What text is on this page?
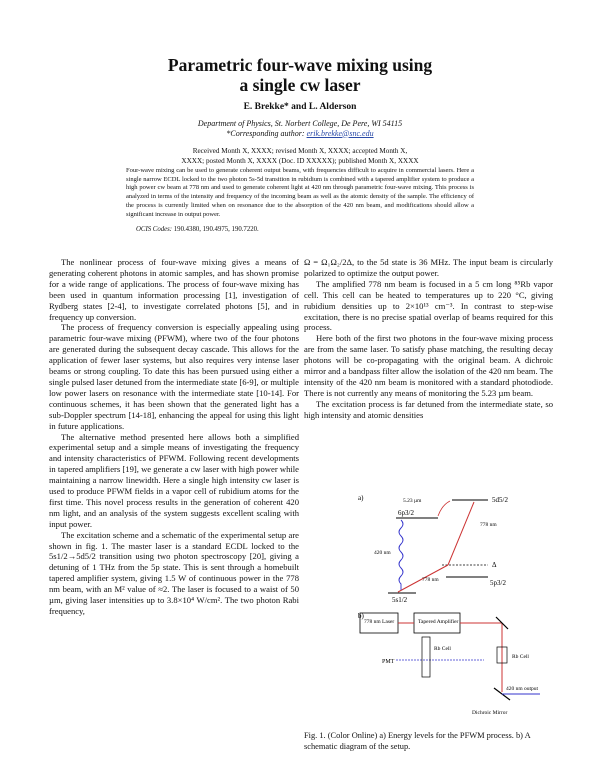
Parametric four-wave mixing using
a single cw laser
E. Brekke* and L. Alderson
Department of Physics, St. Norbert College, De Pere, WI 54115
*Corresponding author: erik.brekke@snc.edu
Received Month X, XXXX; revised Month X, XXXX; accepted Month X,
XXXX; posted Month X, XXXX (Doc. ID XXXXX); published Month X, XXXX
Four-wave mixing can be used to generate coherent output beams, with frequencies difficult to acquire in commercial lasers. Here a single narrow ECDL locked to the two photon 5s-5d transition in rubidium is combined with a tapered amplifier system to produce a high power cw beam at 778 nm and used to generate coherent light at 420 nm through parametric four-wave mixing. This process is analyzed in terms of the intensity and frequency of the incoming beam as well as the atomic density of the sample. The efficiency of the process is currently limited when on resonance due to the absorption of the 420 nm beam, and modifications should allow a significant increase in output power.
OCIS Codes: 190.4380, 190.4975, 190.7220.

The nonlinear process of four-wave mixing gives a means of generating coherent photons in atomic samples, and has shown promise for a wide range of applications. The process of four-wave mixing has been used in quantum information processing [1], investigation of Rydberg states [2-4], to investigate correlated photons [5], and in frequency up conversion.

The process of frequency conversion is especially appealing using parametric four-wave mixing (PFWM), where two of the four photons are generated during the subsequent decay cascade. This allows for the application of fewer laser systems, but also requires very intense laser beams or strong coupling. To date this has been pursued using either a single pulsed laser detuned from the intermediate state [6-9], or multiple low power lasers on resonance with the intermediate state [10-14]. For continuous schemes, it has been shown that the generated light has a sub-Doppler spectrum [14-18], enhancing the appeal for using this light in future applications.

The alternative method presented here allows both a simplified experimental setup and a simple means of investigating the frequency and intensity characteristics of PFWM. Following recent developments in tapered amplifiers [19], we generate a cw laser with high power while maintaining a narrow linewidth. Here a single high intensity cw laser is used to produce PFWM fields in a vapor cell of rubidium atoms for the first time. This novel process results in the generation of coherent 420 nm light, and an analysis of the system suggests excellent scaling with input power.

The excitation scheme and a schematic of the experimental setup are shown in fig. 1. The master laser is a standard ECDL locked to the 5s1/2→5d5/2 transition using two photon spectroscopy [20], giving a detuning of 1 THz from the 5p state. This is sent through a homebuilt tapered amplifier system, giving 1.5 W of continuous power in the 778 nm beam, with an M² value of ≈2. The laser is focused to a waist of 50 µm, giving laser intensities up to 3.8×10⁴ W/cm². The two photon Rabi frequency,

Ω = Ω₁Ω₂/2Δ, to the 5d state is 36 MHz. The input beam is circularly polarized to optimize the output power.

The amplified 778 nm beam is focused in a 5 cm long ⁸⁵Rb vapor cell. This cell can be heated to temperatures up to 220 °C, giving rubidium densities up to 2×10¹³ cm⁻³. In contrast to step-wise excitation, there is no precise spatial overlap of beams required for this process.

Here both of the first two photons in the four-wave mixing process are from the same laser. To satisfy phase matching, the resulting decay photons will be co-propagating with the original beam. A dichroic mirror and a bandpass filter allow the isolation of the 420 nm beam. The intensity of the 420 nm beam is monitored with a standard photodiode. There is not currently any means of monitoring the 5.23 µm beam.

The excitation process is far detuned from the intermediate state, so high intensity and atomic densities

a)	5d5/2
6p3/2
5.23 µm
Δ
5p3/2
5s1/2
778 nm
778 nm
420 nm
b)
778 nm Laser	Tapered Amplifier
Rb Cell
Dichroic Mirror
420 nm output
PMT
Rb Cell
Fig. 1. (Color Online) a) Energy levels for the PFWM process. b) A schematic diagram of the setup.
